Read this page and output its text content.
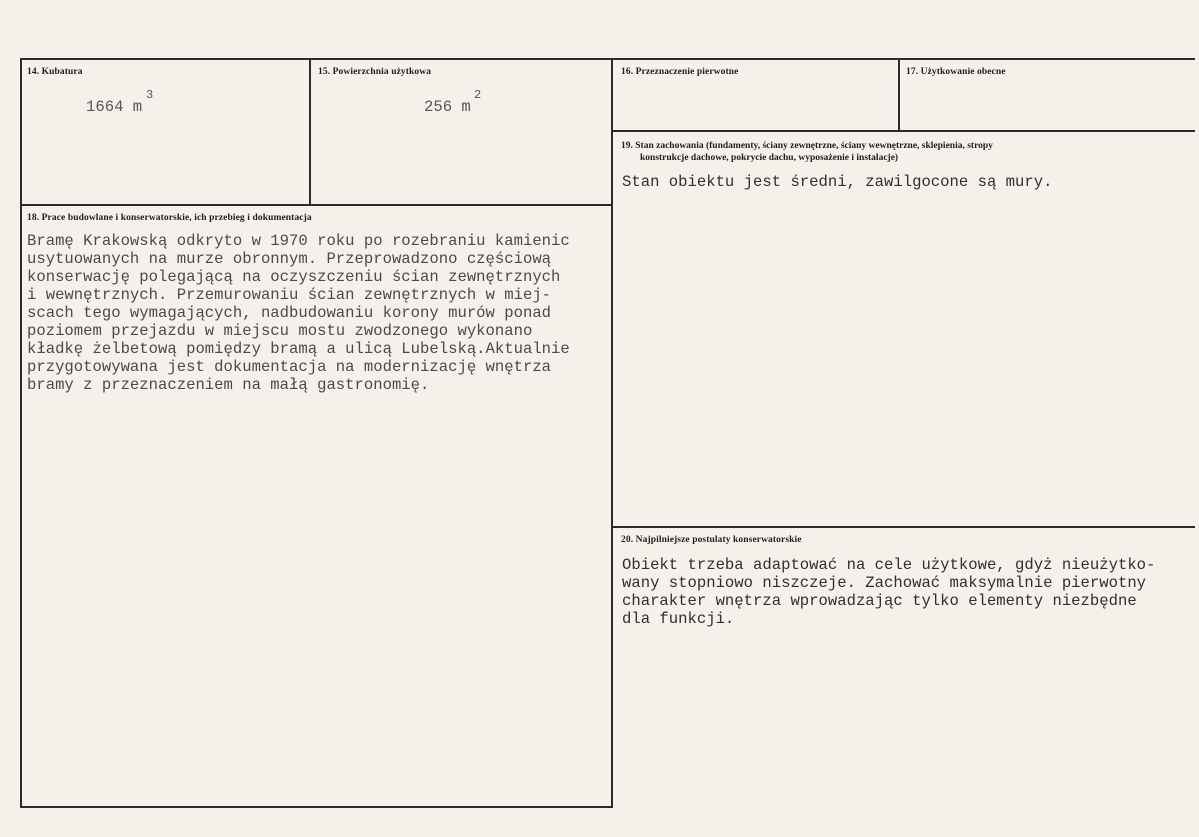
14. Kubatura
1664 m
3
15. Powierzchnia użytkowa
256 m
2
16. Przeznaczenie pierwotne	17. Użytkowanie obecne
18. Prace budowlane i konserwatorskie, ich przebieg i dokumentacja
Bramę Krakowską odkryto w 1970 roku po rozebraniu kamienic
usytuowanych na murze obronnym. Przeprowadzono częściową
konserwację polegającą na oczyszczeniu ścian zewnętrznych
i wewnętrznych. Przemurowaniu ścian zewnętrznych w miej-
scach tego wymagających, nadbudowaniu korony murów ponad
poziomem przejazdu w miejscu mostu zwodzonego wykonano
kładkę żelbetową pomiędzy bramą a ulicą Lubelską.Aktualnie
przygotowywana jest dokumentacja na modernizację wnętrza
bramy z przeznaczeniem na małą gastronomię.
19. Stan zachowania (fundamenty, ściany zewnętrzne, ściany wewnętrzne, sklepienia, stropy
konstrukcje dachowe, pokrycie dachu, wyposażenie i instalacje)
Stan obiektu jest średni, zawilgocone są mury.
20. Najpilniejsze postulaty konserwatorskie
Obiekt trzeba adaptować na cele użytkowe, gdyż nieużytko-
wany stopniowo niszczeje. Zachować maksymalnie pierwotny
charakter wnętrza wprowadzając tylko elementy niezbędne
dla funkcji.
